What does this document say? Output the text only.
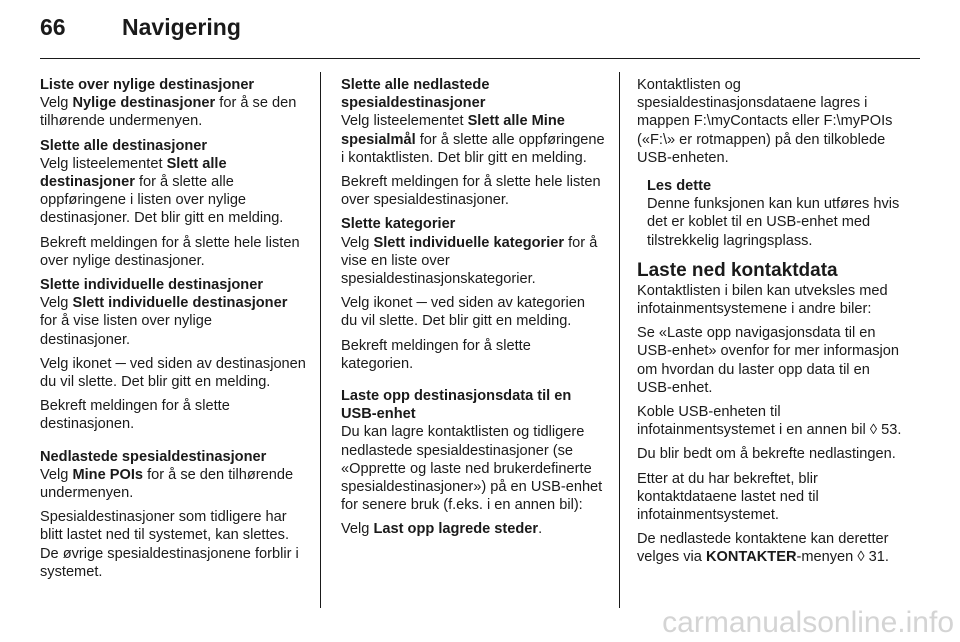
66	Navigering

Liste over nylige destinasjoner

Velg Nylige destinasjoner for å se den tilhørende undermenyen.

Slette alle destinasjoner

Velg listeelementet Slett alle destinasjoner for å slette alle oppføringene i listen over nylige destinasjoner. Det blir gitt en melding.

Bekreft meldingen for å slette hele listen over nylige destinasjoner.

Slette individuelle destinasjoner

Velg Slett individuelle destinasjoner for å vise listen over nylige destinasjoner.

Velg ikonet ─ ved siden av destinasjonen du vil slette. Det blir gitt en melding.

Bekreft meldingen for å slette destinasjonen.

Nedlastede spesialdestinasjoner

Velg Mine POIs for å se den tilhørende undermenyen.

Spesialdestinasjoner som tidligere har blitt lastet ned til systemet, kan slettes. De øvrige spesialdestinasjonene forblir i systemet.

Slette alle nedlastede spesialdestinasjoner

Velg listeelementet Slett alle Mine spesialmål for å slette alle oppføringene i kontaktlisten. Det blir gitt en melding.

Bekreft meldingen for å slette hele listen over spesialdestinasjoner.

Slette kategorier

Velg Slett individuelle kategorier for å vise en liste over spesialdestinasjonskategorier.

Velg ikonet ─ ved siden av kategorien du vil slette. Det blir gitt en melding.

Bekreft meldingen for å slette kategorien.

Laste opp destinasjonsdata til en USB-enhet

Du kan lagre kontaktlisten og tidligere nedlastede spesialdestinasjoner (se «Opprette og laste ned brukerdefinerte spesialdestinasjoner») på en USB-enhet for senere bruk (f.eks. i en annen bil):

Velg Last opp lagrede steder.

Kontaktlisten og spesialdestinasjonsdataene lagres i mappen F:\myContacts eller F:\myPOIs («F:\» er rotmappen) på den tilkoblede USB-enheten.

Les dette

Denne funksjonen kan kun utføres hvis det er koblet til en USB-enhet med tilstrekkelig lagringsplass.

Laste ned kontaktdata

Kontaktlisten i bilen kan utveksles med infotainmentsystemene i andre biler:

Se «Laste opp navigasjonsdata til en USB-enhet» ovenfor for mer informasjon om hvordan du laster opp data til en USB-enhet.

Koble USB-enheten til infotainmentsystemet i en annen bil ◊ 53.

Du blir bedt om å bekrefte nedlastingen.

Etter at du har bekreftet, blir kontaktdataene lastet ned til infotainmentsystemet.

De nedlastede kontaktene kan deretter velges via KONTAKTER-menyen ◊ 31.

carmanualsonline.info
